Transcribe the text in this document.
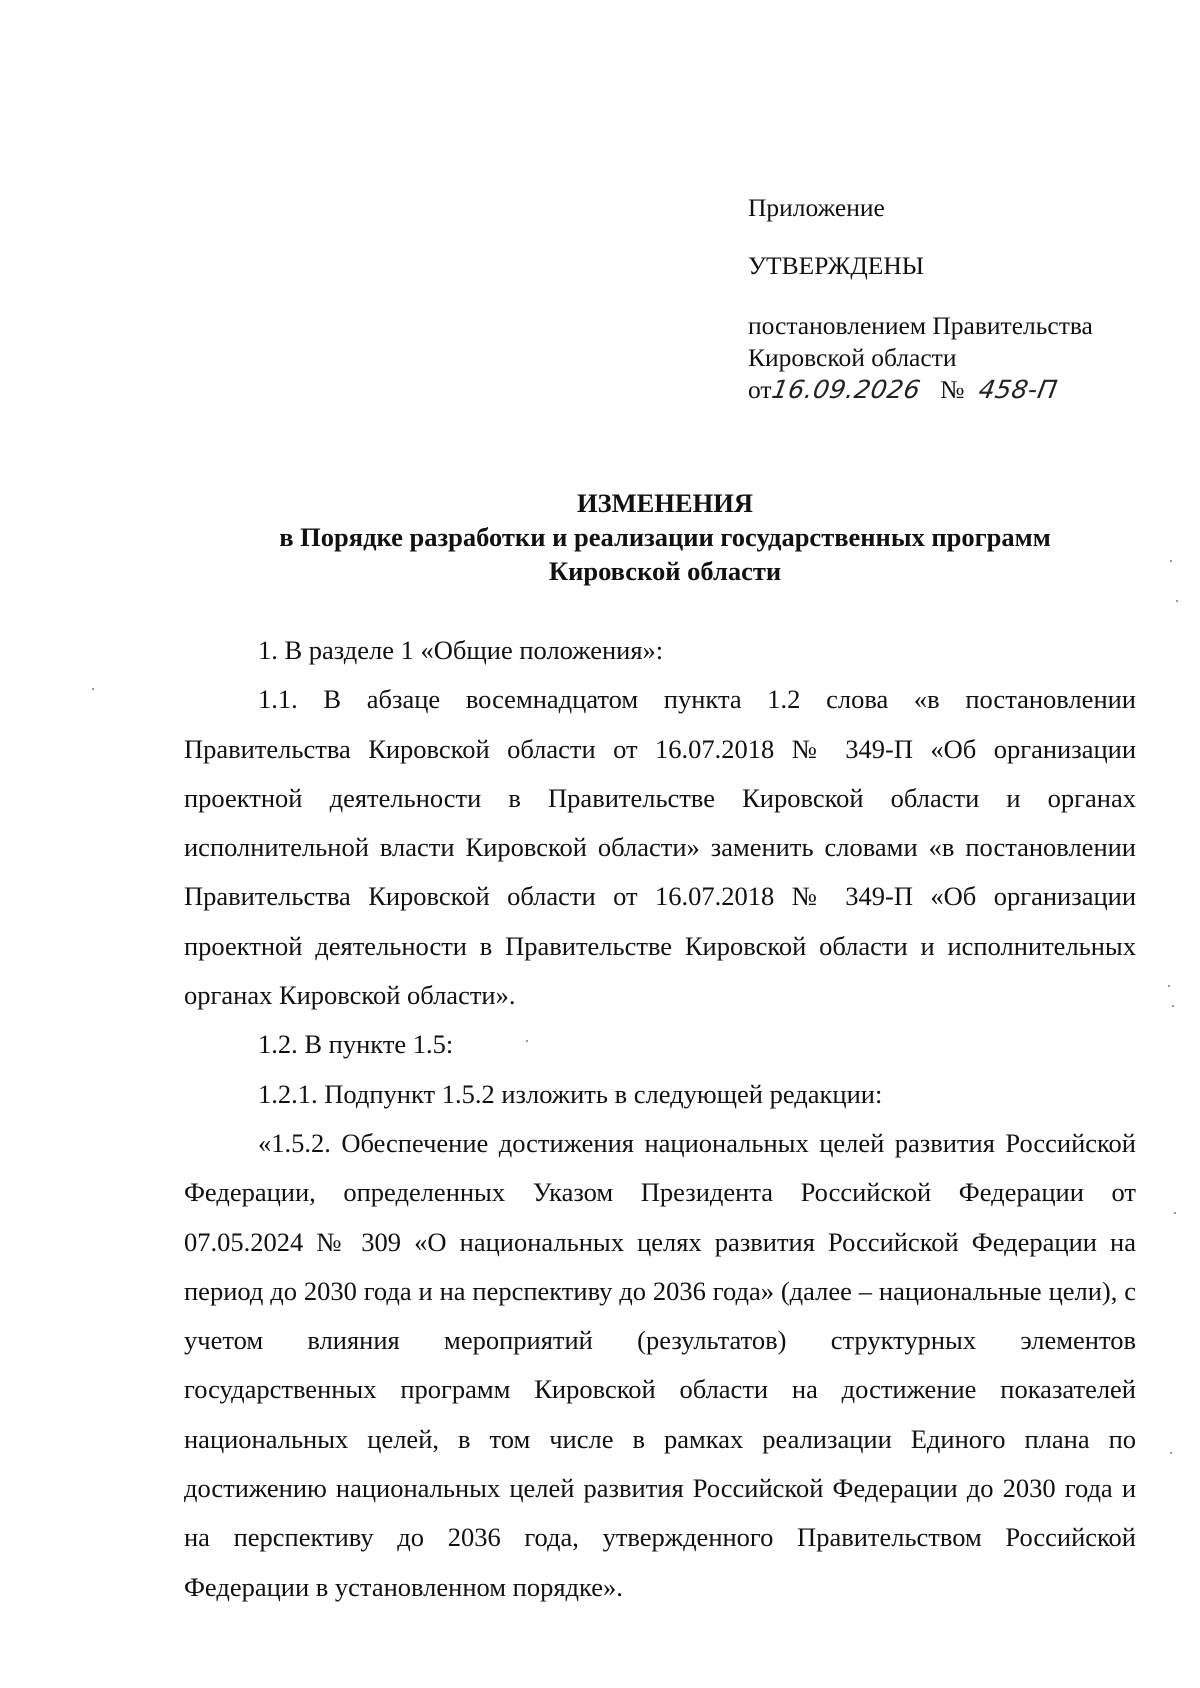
Приложение
УТВЕРЖДЕНЫ
постановлением Правительства
Кировской области
от16.09.2026 № 458-П
ИЗМЕНЕНИЯ
в Порядке разработки и реализации государственных программ
Кировской области

1. В разделе 1 «Общие положения»:

1.1. В абзаце восемнадцатом пункта 1.2 слова «в постановлении Правительства Кировской области от 16.07.2018 № 349-П «Об организации проектной деятельности в Правительстве Кировской области и органах исполнительной власти Кировской области» заменить словами «в постановлении Правительства Кировской области от 16.07.2018 № 349-П «Об организации проектной деятельности в Правительстве Кировской области и исполнительных органах Кировской области».

1.2. В пункте 1.5:

1.2.1. Подпункт 1.5.2 изложить в следующей редакции:

«1.5.2. Обеспечение достижения национальных целей развития Российской Федерации, определенных Указом Президента Российской Федерации от 07.05.2024 № 309 «О национальных целях развития Российской Федерации на период до 2030 года и на перспективу до 2036 года» (далее – национальные цели), с учетом влияния мероприятий (результатов) структурных элементов государственных программ Кировской области на достижение показателей национальных целей, в том числе в рамках реализации Единого плана по достижению национальных целей развития Российской Федерации до 2030 года и на перспективу до 2036 года, утвержденного Правительством Российской Федерации в установленном порядке».
